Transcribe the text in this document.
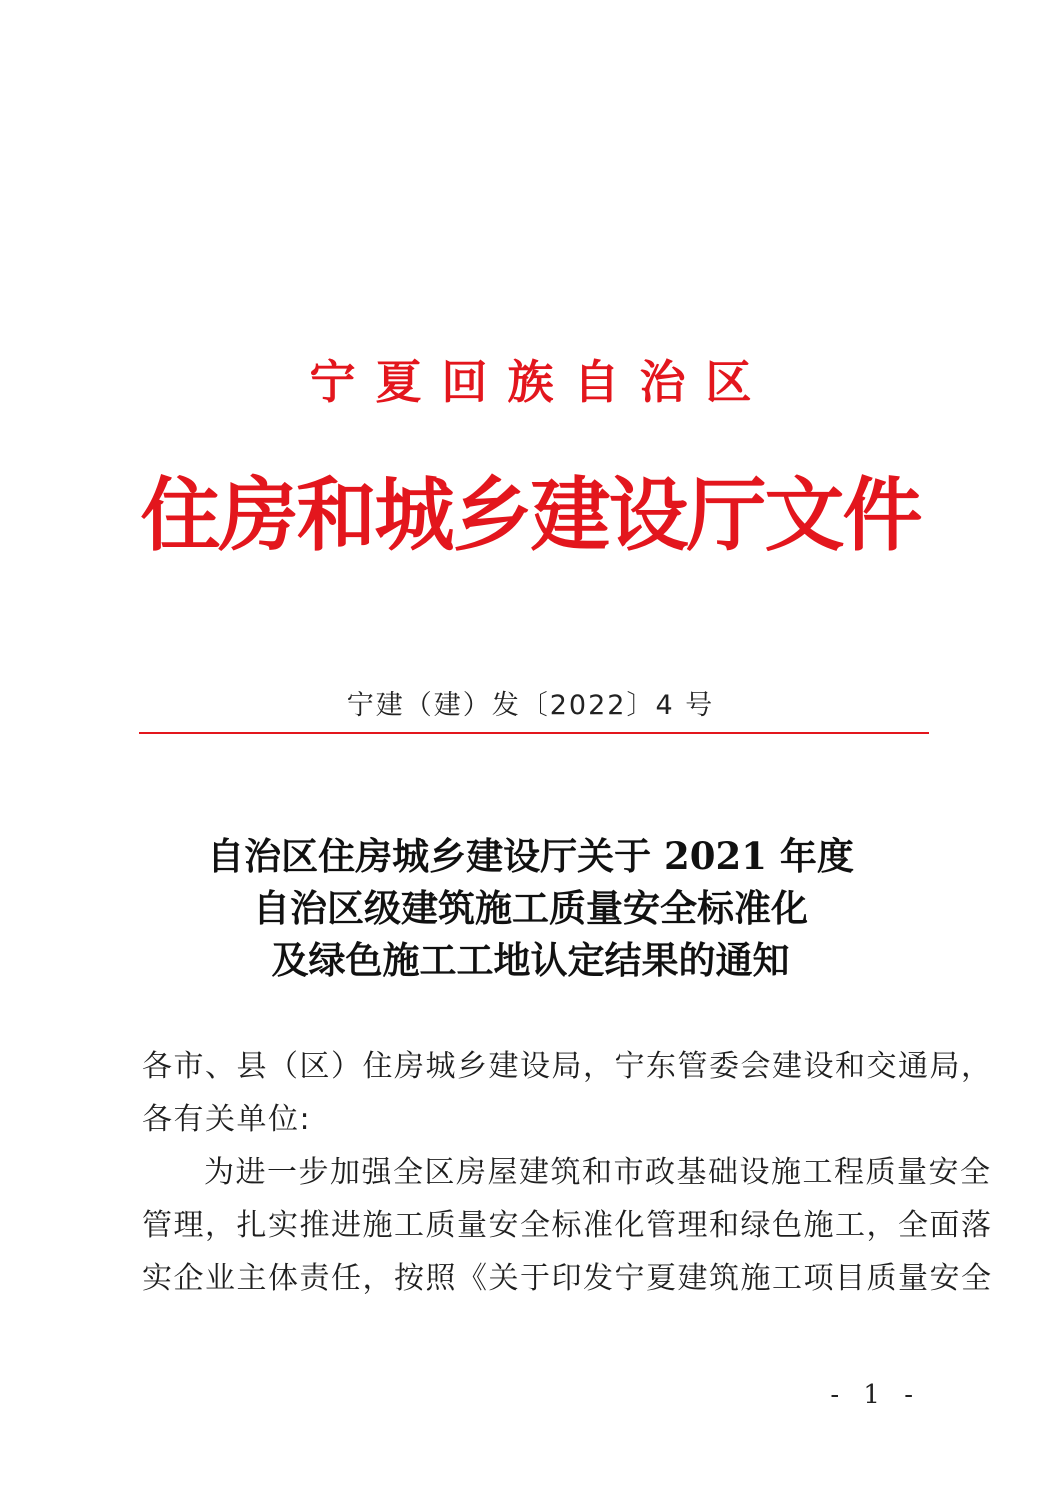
宁夏回族自治区
住房和城乡建设厅文件
宁建（建）发〔2022〕4 号
自治区住房城乡建设厅关于 2021 年度
自治区级建筑施工质量安全标准化
及绿色施工工地认定结果的通知
各市、县（区）住房城乡建设局，宁东管委会建设和交通局，
各有关单位:
为进一步加强全区房屋建筑和市政基础设施工程质量安全
管理，扎实推进施工质量安全标准化管理和绿色施工，全面落
实企业主体责任，按照《关于印发宁夏建筑施工项目质量安全
- 1 -
